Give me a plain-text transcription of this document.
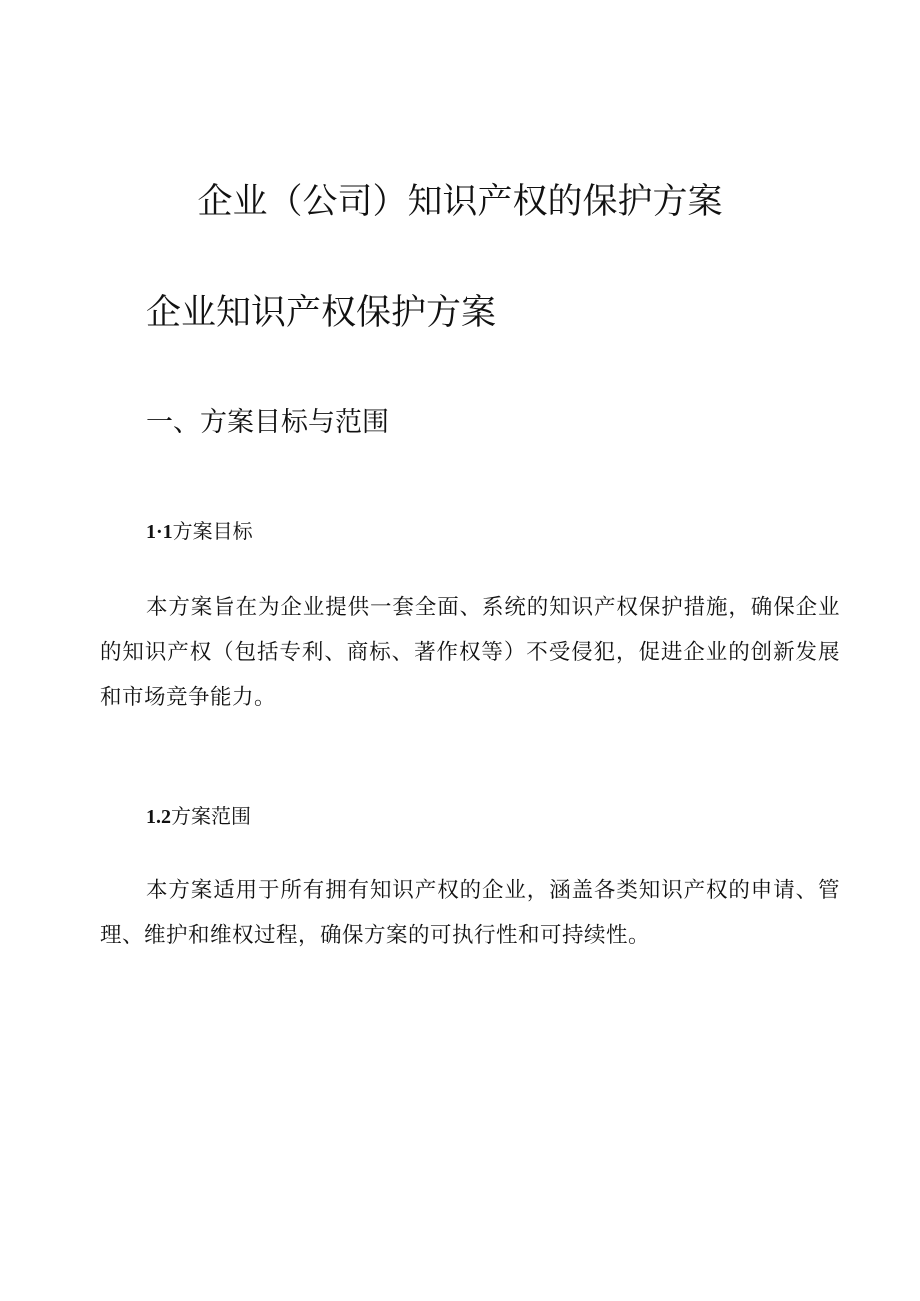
企业（公司）知识产权的保护方案
企业知识产权保护方案
一、方案目标与范围
1·1方案目标

本方案旨在为企业提供一套全面、系统的知识产权保护措施，确保企业的知识产权（包括专利、商标、著作权等）不受侵犯，促进企业的创新发展和市场竞争能力。

1.2方案范围

本方案适用于所有拥有知识产权的企业，涵盖各类知识产权的申请、管理、维护和维权过程，确保方案的可执行性和可持续性。
